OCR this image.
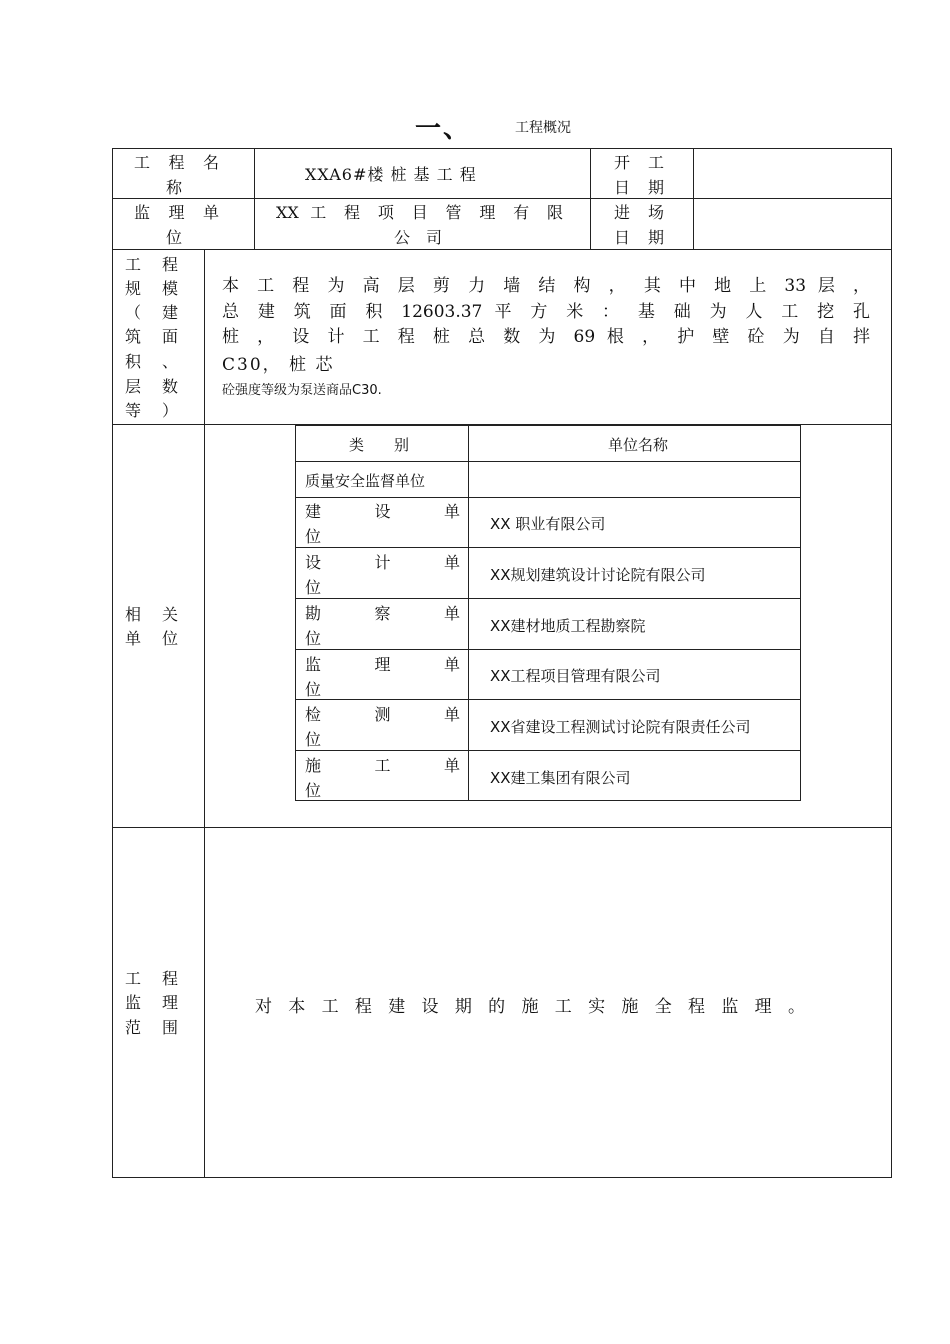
一、	工程概况
工 程 名
称
XXA6#楼 桩 基 工 程
开 工
日 期
监 理 单
位
XX 工 程 项 目 管 理 有 限
公 司
进 场
日 期
工 程
规 模
（ 建
筑 面
积 、
层 数
等 ）
本 工 程 为 高 层 剪 力 墙 结 构 ， 其 中 地 上 33 层 ，
总 建 筑 面 积 12603.37 平 方 米 ： 基 础 为 人 工 挖 孔
桩 ， 设 计 工 程 桩 总 数 为 69 根 ， 护 壁 砼 为 自 拌
C30， 桩 芯
砼强度等级为泵送商品C30.
相 关
单 位
类　　别	单位名称
质量安全监督单位
建 设 单
位
XX 职业有限公司
设 计 单
位
XX规划建筑设计讨论院有限公司
勘 察 单
位
XX建材地质工程勘察院
监 理 单
位
XX工程项目管理有限公司
检 测 单
位
XX省建设工程测试讨论院有限责任公司
施 工 单
位
XX建工集团有限公司
工 程
监 理
范 围
对 本 工 程 建 设 期 的 施 工 实 施 全 程 监 理 。
